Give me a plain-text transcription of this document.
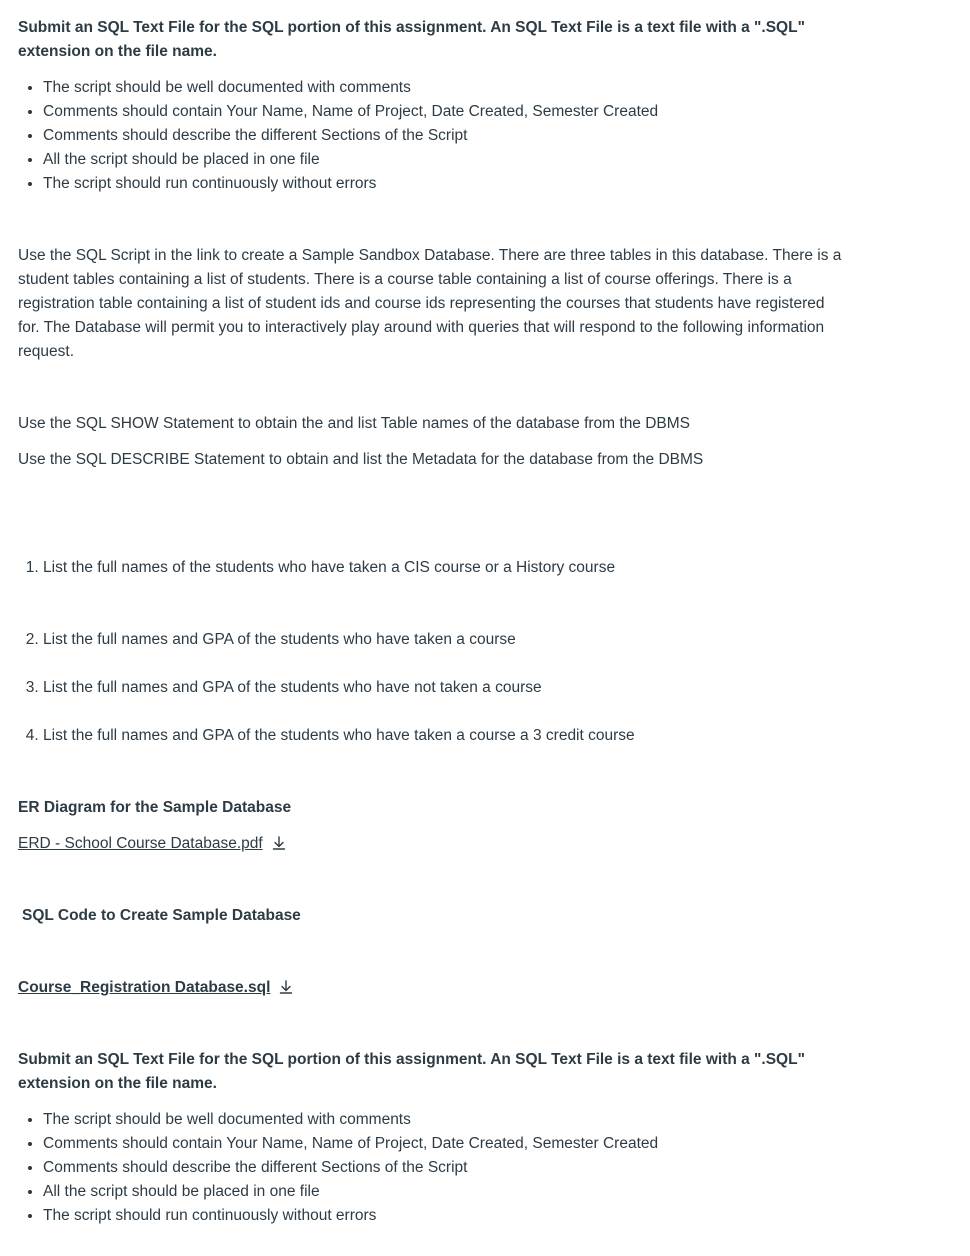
Submit an SQL Text File for the SQL portion of this assignment. An SQL Text File is a text file with a ".SQL" extension on the file name.

• The script should be well documented with comments
• Comments should contain Your Name, Name of Project, Date Created, Semester Created
• Comments should describe the different Sections of the Script
• All the script should be placed in one file
• The script should run continuously without errors

Use the SQL Script in the link to create a Sample Sandbox Database. There are three tables in this database. There is a student tables containing a list of students. There is a course table containing a list of course offerings. There is a registration table containing a list of student ids and course ids representing the courses that students have registered for. The Database will permit you to interactively play around with queries that will respond to the following information request.

Use the SQL SHOW Statement to obtain the and list Table names of the database from the DBMS

Use the SQL DESCRIBE Statement to obtain and list the Metadata for the database from the DBMS

1. List the full names of the students who have taken a CIS course or a History course
2. List the full names and GPA of the students who have taken a course
3. List the full names and GPA of the students who have not taken a course
4. List the full names and GPA of the students who have taken a course a 3 credit course

ER Diagram for the Sample Database

ERD - School Course Database.pdf

SQL Code to Create Sample Database

Course_Registration Database.sql

Submit an SQL Text File for the SQL portion of this assignment. An SQL Text File is a text file with a ".SQL" extension on the file name.

• The script should be well documented with comments
• Comments should contain Your Name, Name of Project, Date Created, Semester Created
• Comments should describe the different Sections of the Script
• All the script should be placed in one file
• The script should run continuously without errors
